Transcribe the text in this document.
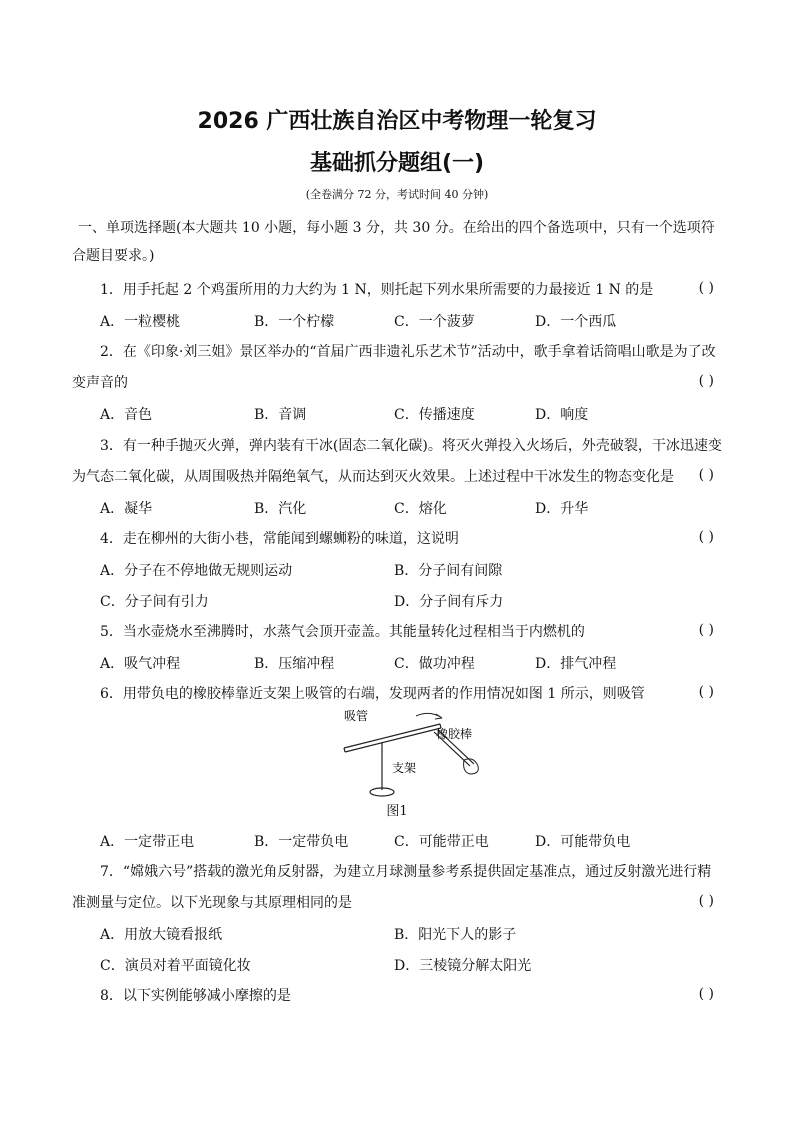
2026 广西壮族自治区中考物理一轮复习
基础抓分题组(一)
(全卷满分 72 分，考试时间 40 分钟)
一、单项选择题(本大题共 10 小题，每小题 3 分，共 30 分。在给出的四个备选项中，只有一个选项符
合题目要求。)
1．用手托起 2 个鸡蛋所用的力大约为 1 N，则托起下列水果所需要的力最接近 1 N 的是	( )
A．一粒樱桃	B．一个柠檬	C．一个菠萝	D．一个西瓜
2．在《印象·刘三姐》景区举办的“首届广西非遗礼乐艺术节”活动中，歌手拿着话筒唱山歌是为了改
变声音的	( )
A．音色	B．音调	C．传播速度	D．响度
3．有一种手抛灭火弹，弹内装有干冰(固态二氧化碳)。将灭火弹投入火场后，外壳破裂，干冰迅速变
为气态二氧化碳，从周围吸热并隔绝氧气，从而达到灭火效果。上述过程中干冰发生的物态变化是 ( )
A．凝华	B．汽化	C．熔化	D．升华
4．走在柳州的大街小巷，常能闻到螺蛳粉的味道，这说明	( )
A．分子在不停地做无规则运动	B．分子间有间隙
C．分子间有引力	D．分子间有斥力
5．当水壶烧水至沸腾时，水蒸气会顶开壶盖。其能量转化过程相当于内燃机的	( )
A．吸气冲程	B．压缩冲程	C．做功冲程	D．排气冲程
6．用带负电的橡胶棒靠近支架上吸管的右端，发现两者的作用情况如图 1 所示，则吸管	( )
吸管
橡胶棒
支架
图1
A．一定带正电	B．一定带负电	C．可能带正电	D．可能带负电
7．“嫦娥六号”搭载的激光角反射器，为建立月球测量参考系提供固定基准点，通过反射激光进行精
准测量与定位。以下光现象与其原理相同的是	( )
A．用放大镜看报纸	B．阳光下人的影子
C．演员对着平面镜化妆	D．三棱镜分解太阳光
8．以下实例能够减小摩擦的是	( )
